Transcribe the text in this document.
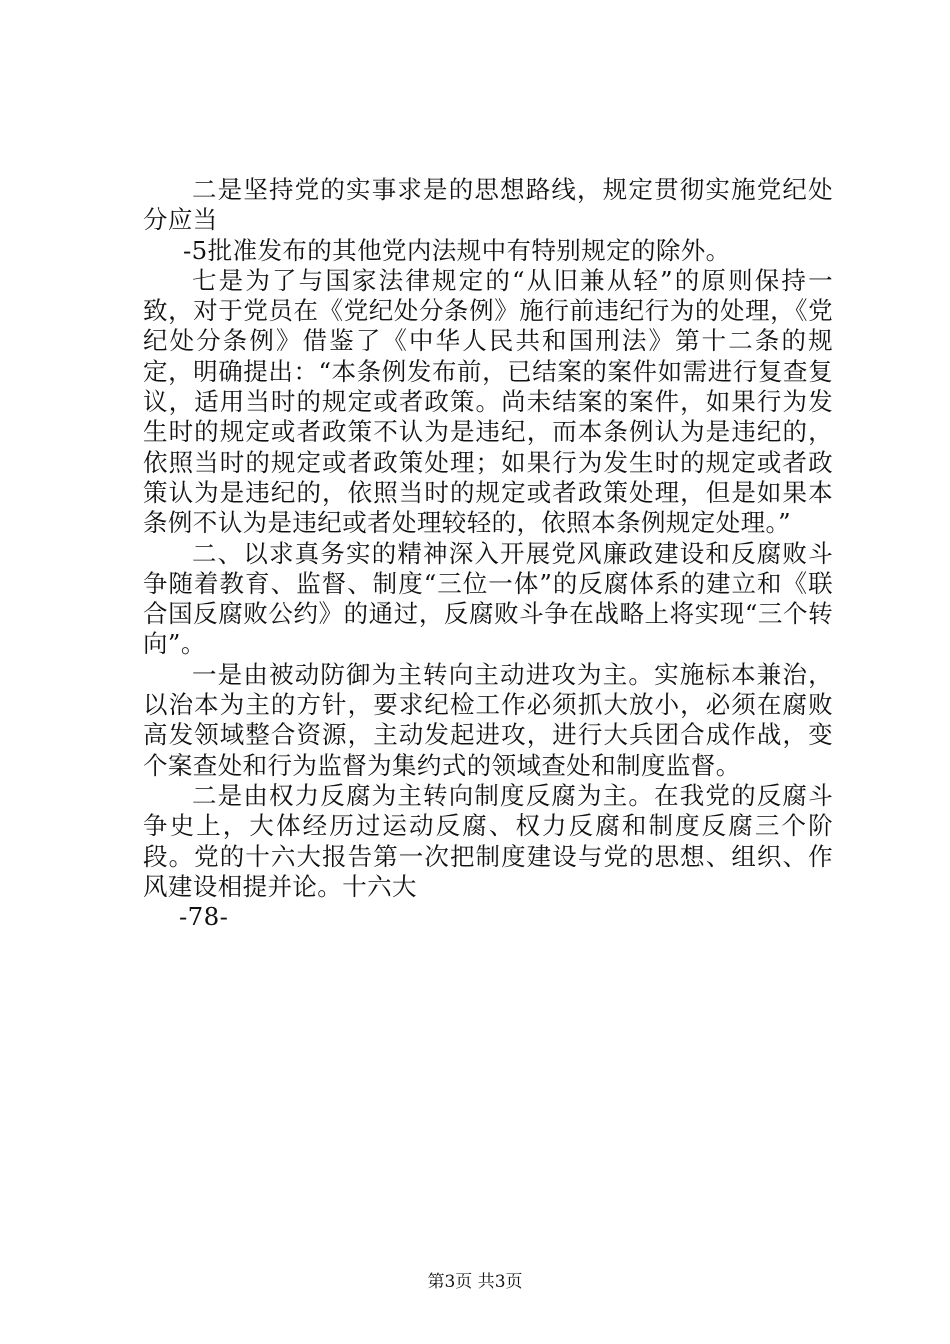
二是坚持党的实事求是的思想路线，规定贯彻实施党纪处分应当

-5批准发布的其他党内法规中有特别规定的除外。

七是为了与国家法律规定的“从旧兼从轻”的原则保持一致，对于党员在《党纪处分条例》施行前违纪行为的处理，《党纪处分条例》借鉴了《中华人民共和国刑法》第十二条的规定，明确提出：“本条例发布前，已结案的案件如需进行复查复议，适用当时的规定或者政策。尚未结案的案件，如果行为发生时的规定或者政策不认为是违纪，而本条例认为是违纪的，依照当时的规定或者政策处理；如果行为发生时的规定或者政策认为是违纪的，依照当时的规定或者政策处理，但是如果本条例不认为是违纪或者处理较轻的，依照本条例规定处理。”

二、以求真务实的精神深入开展党风廉政建设和反腐败斗争随着教育、监督、制度“三位一体”的反腐体系的建立和《联合国反腐败公约》的通过，反腐败斗争在战略上将实现“三个转向”。

一是由被动防御为主转向主动进攻为主。实施标本兼治，以治本为主的方针，要求纪检工作必须抓大放小，必须在腐败高发领域整合资源，主动发起进攻，进行大兵团合成作战，变个案查处和行为监督为集约式的领域查处和制度监督。

二是由权力反腐为主转向制度反腐为主。在我党的反腐斗争史上，大体经历过运动反腐、权力反腐和制度反腐三个阶段。党的十六大报告第一次把制度建设与党的思想、组织、作风建设相提并论。十六大

-78-

第3页 共3页
